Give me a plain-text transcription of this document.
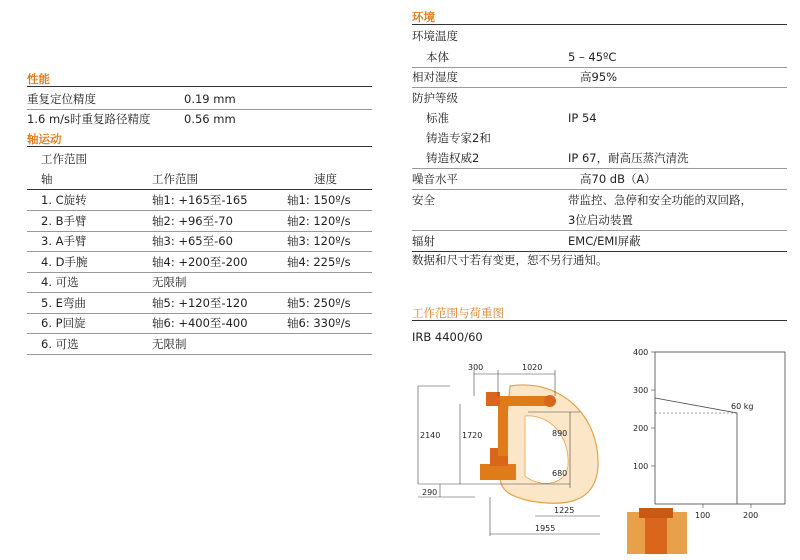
性能
重复定位精度	0.19 mm
1.6 m/s时重复路径精度	0.56 mm
轴运动
工作范围
轴	工作范围	速度
1. C旋转	轴1: +165至-165	轴1: 150º/s
2. B手臂	轴2: +96至-70	轴2: 120º/s
3. A手臂	轴3: +65至-60	轴3: 120º/s
4. D手腕	轴4: +200至-200	轴4: 225º/s
4. 可选	无限制
5. E弯曲	轴5: +120至-120	轴5: 250º/s
6. P回旋	轴6: +400至-400	轴6: 330º/s
6. 可选	无限制
环境
环境温度
本体	5 – 45ºC
相对湿度	高95%
防护等级
标准	IP 54
铸造专家2和
铸造权威2	IP 67，耐高压蒸汽清洗
噪音水平	高70 dB（A）
安全	带监控、急停和安全功能的双回路，
3位启动装置
辐射	EMC/EMI屏蔽
数据和尺寸若有变更，恕不另行通知。
工作范围与荷重图
IRB 4400/60
300	1020
2140	1720	890
680
290
1225
1955
60 kg
400
300
200
100
100	200
